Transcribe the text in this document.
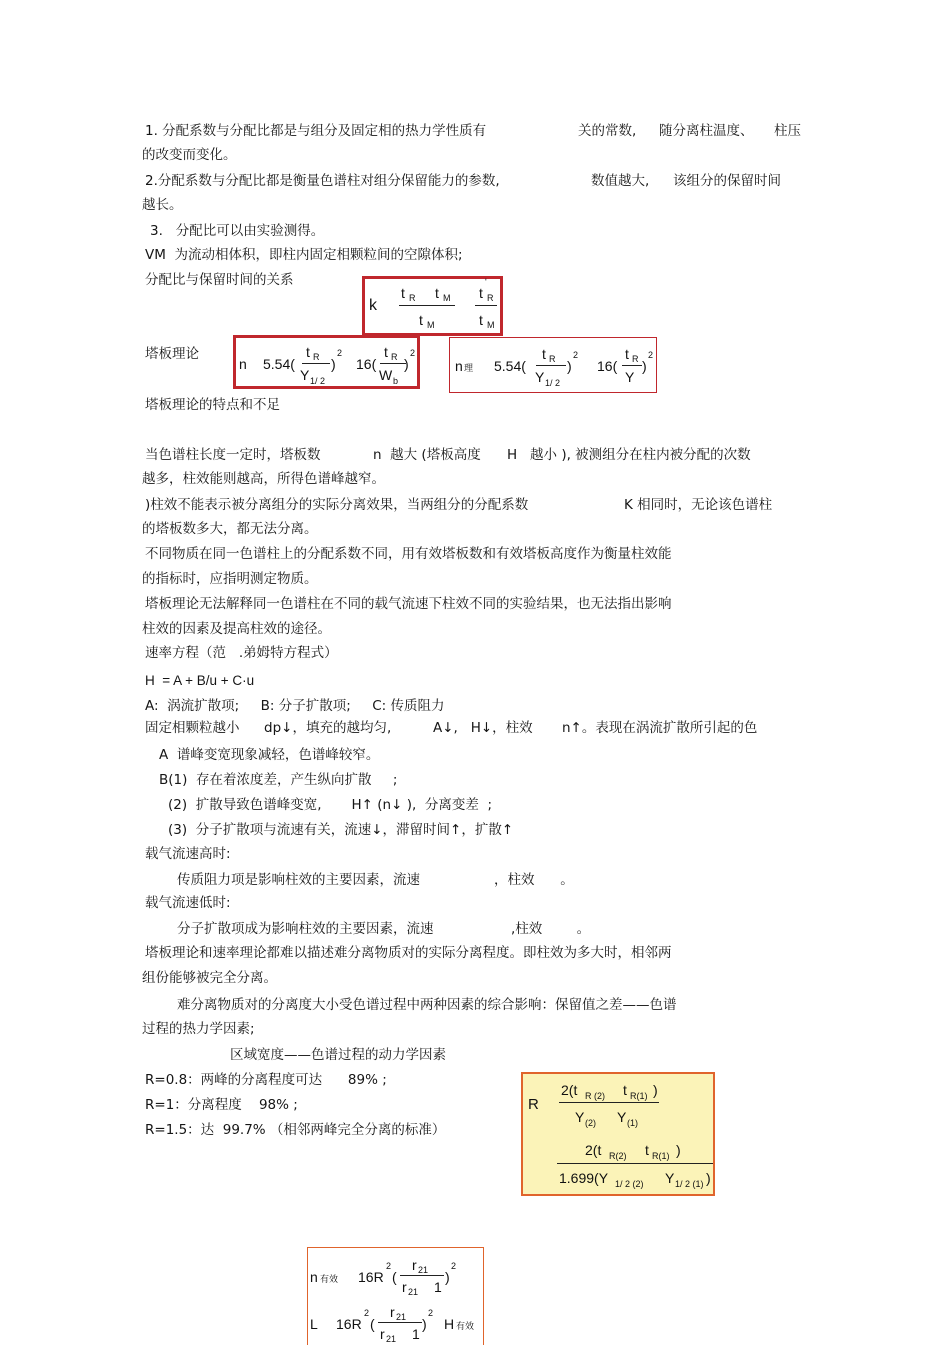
1. 分配系数与分配比都是与组分及固定相的热力学性质有	关的常数, 随分离柱温度、 柱压
的改变而变化。
2.分配系数与分配比都是衡量色谱柱对组分保留能力的参数,	数值越大, 该组分的保留时间
越长。
3.   分配比可以由实验测得。
VM  为流动相体积，即柱内固定相颗粒间的空隙体积;
分配比与保留时间的关系
k
t R t M
t M
'
t R
t M
塔板理论
n 5.54(
t R
Y 1/ 2
)
2
16(
t R
W b
)
2
n 理 5.54(
t R
Y 1/ 2
)
2
16(
t R
Y
)
2
塔板理论的特点和不足
当色谱柱长度一定时，塔板数	n  越大 (塔板高度 H   越小 ), 被测组分在柱内被分配的次数
越多，柱效能则越高，所得色谱峰越窄。
)柱效不能表示被分离组分的实际分离效果，当两组分的分配系数	K 相同时，无论该色谱柱
的塔板数多大，都无法分离。
不同物质在同一色谱柱上的分配系数不同，用有效塔板数和有效塔板高度作为衡量柱效能
的指标时，应指明测定物质。
塔板理论无法解释同一色谱柱在不同的载气流速下柱效不同的实验结果，也无法指出影响
柱效的因素及提高柱效的途径。
速率方程（范   .弟姆特方程式）
H  = A + B/u + C·u
A:  涡流扩散项;     B: 分子扩散项;     C: 传质阻力
固定相颗粒越小 dp↓，填充的越均匀,	A↓,   H↓，柱效 n↑。表现在涡流扩散所引起的色
A  谱峰变宽现象减轻，色谱峰较窄。
B(1)  存在着浓度差，产生纵向扩散     ;
(2)  扩散导致色谱峰变宽,       H↑ (n↓ ),  分离变差  ;
(3)  分子扩散项与流速有关，流速↓，滞留时间↑，扩散↑
载气流速高时:
传质阻力项是影响柱效的主要因素，流速	，柱效      。
载气流速低时:
分子扩散项成为影响柱效的主要因素，流速	,柱效        。
塔板理论和速率理论都难以描述难分离物质对的实际分离程度。即柱效为多大时，相邻两
组份能够被完全分离。
难分离物质对的分离度大小受色谱过程中两种因素的综合影响：保留值之差——色谱
过程的热力学因素;
区域宽度——色谱过程的动力学因素
R=0.8：两峰的分离程度可达      89% ;
R=1：分离程度    98% ;
R=1.5：达  99.7% （相邻两峰完全分离的标准）
R
2(t R (2) t R(1) )
Y (2) Y (1)
2(t R(2) t R(1) )
1.699(Y 1/ 2 (2) Y 1/ 2 (1) )
n 有效 16R
2
(
r 21
r 21 1
)
2
L 16R
2
(
r 21
r 21 1
)
2
H 有效
